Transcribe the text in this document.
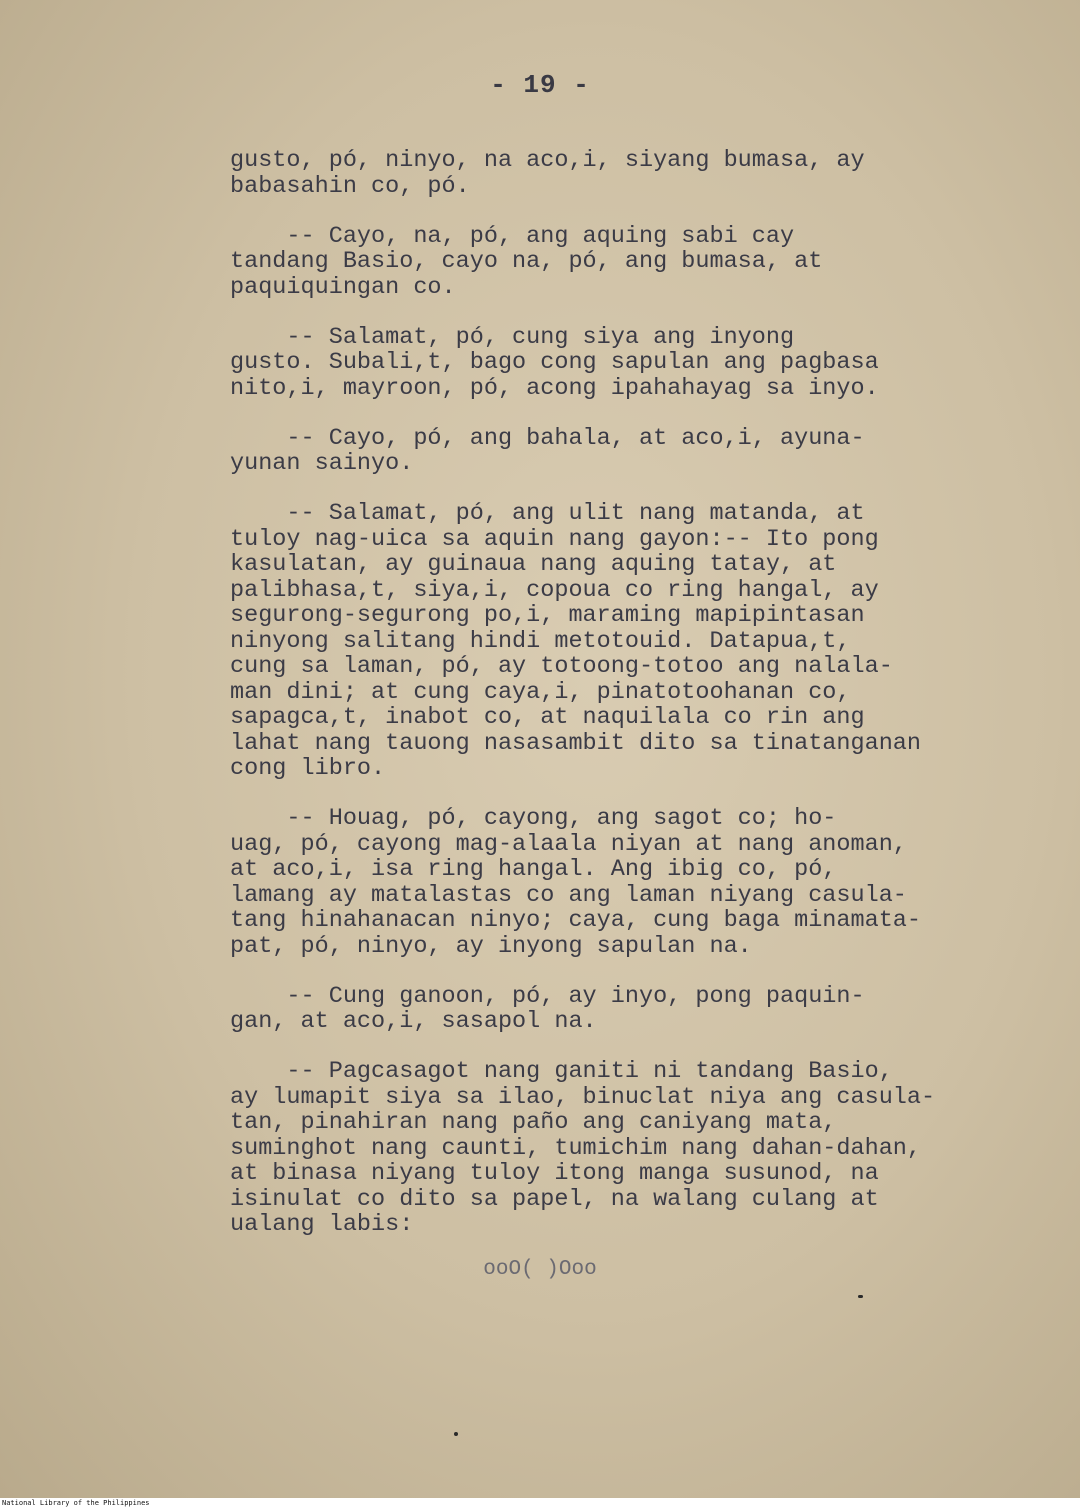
- 19 -
gusto, pó, ninyo, na aco,i, siyang bumasa, ay
babasahin co, pó.
-- Cayo, na, pó, ang aquing sabi cay
tandang Basio, cayo na, pó, ang bumasa, at
paquiquingan co.
-- Salamat, pó, cung siya ang inyong
gusto. Subali,t, bago cong sapulan ang pagbasa
nito,i, mayroon, pó, acong ipahahayag sa inyo.
-- Cayo, pó, ang bahala, at aco,i, ayuna-
yunan sainyo.
-- Salamat, pó, ang ulit nang matanda, at
tuloy nag-uica sa aquin nang gayon:-- Ito pong
kasulatan, ay guinaua nang aquing tatay, at
palibhasa,t, siya,i, copoua co ring hangal, ay
segurong-segurong po,i, maraming mapipintasan
ninyong salitang hindi metotouid. Datapua,t,
cung sa laman, pó, ay totoong-totoo ang nalala-
man dini; at cung caya,i, pinatotoohanan co,
sapagca,t, inabot co, at naquilala co rin ang
lahat nang tauong nasasambit dito sa tinatanganan
cong libro.
-- Houag, pó, cayong, ang sagot co; ho-
uag, pó, cayong mag-alaala niyan at nang anoman,
at aco,i, isa ring hangal. Ang ibig co, pó,
lamang ay matalastas co ang laman niyang casula-
tang hinahanacan ninyo; caya, cung baga minamata-
pat, pó, ninyo, ay inyong sapulan na.
-- Cung ganoon, pó, ay inyo, pong paquin-
gan, at aco,i, sasapol na.
-- Pagcasagot nang ganiti ni tandang Basio,
ay lumapit siya sa ilao, binuclat niya ang casula-
tan, pinahiran nang paño ang caniyang mata,
suminghot nang caunti, tumichim nang dahan-dahan,
at binasa niyang tuloy itong manga susunod, na
isinulat co dito sa papel, na walang culang at
ualang labis:
ooO( )Ooo
National Library of the Philippines
